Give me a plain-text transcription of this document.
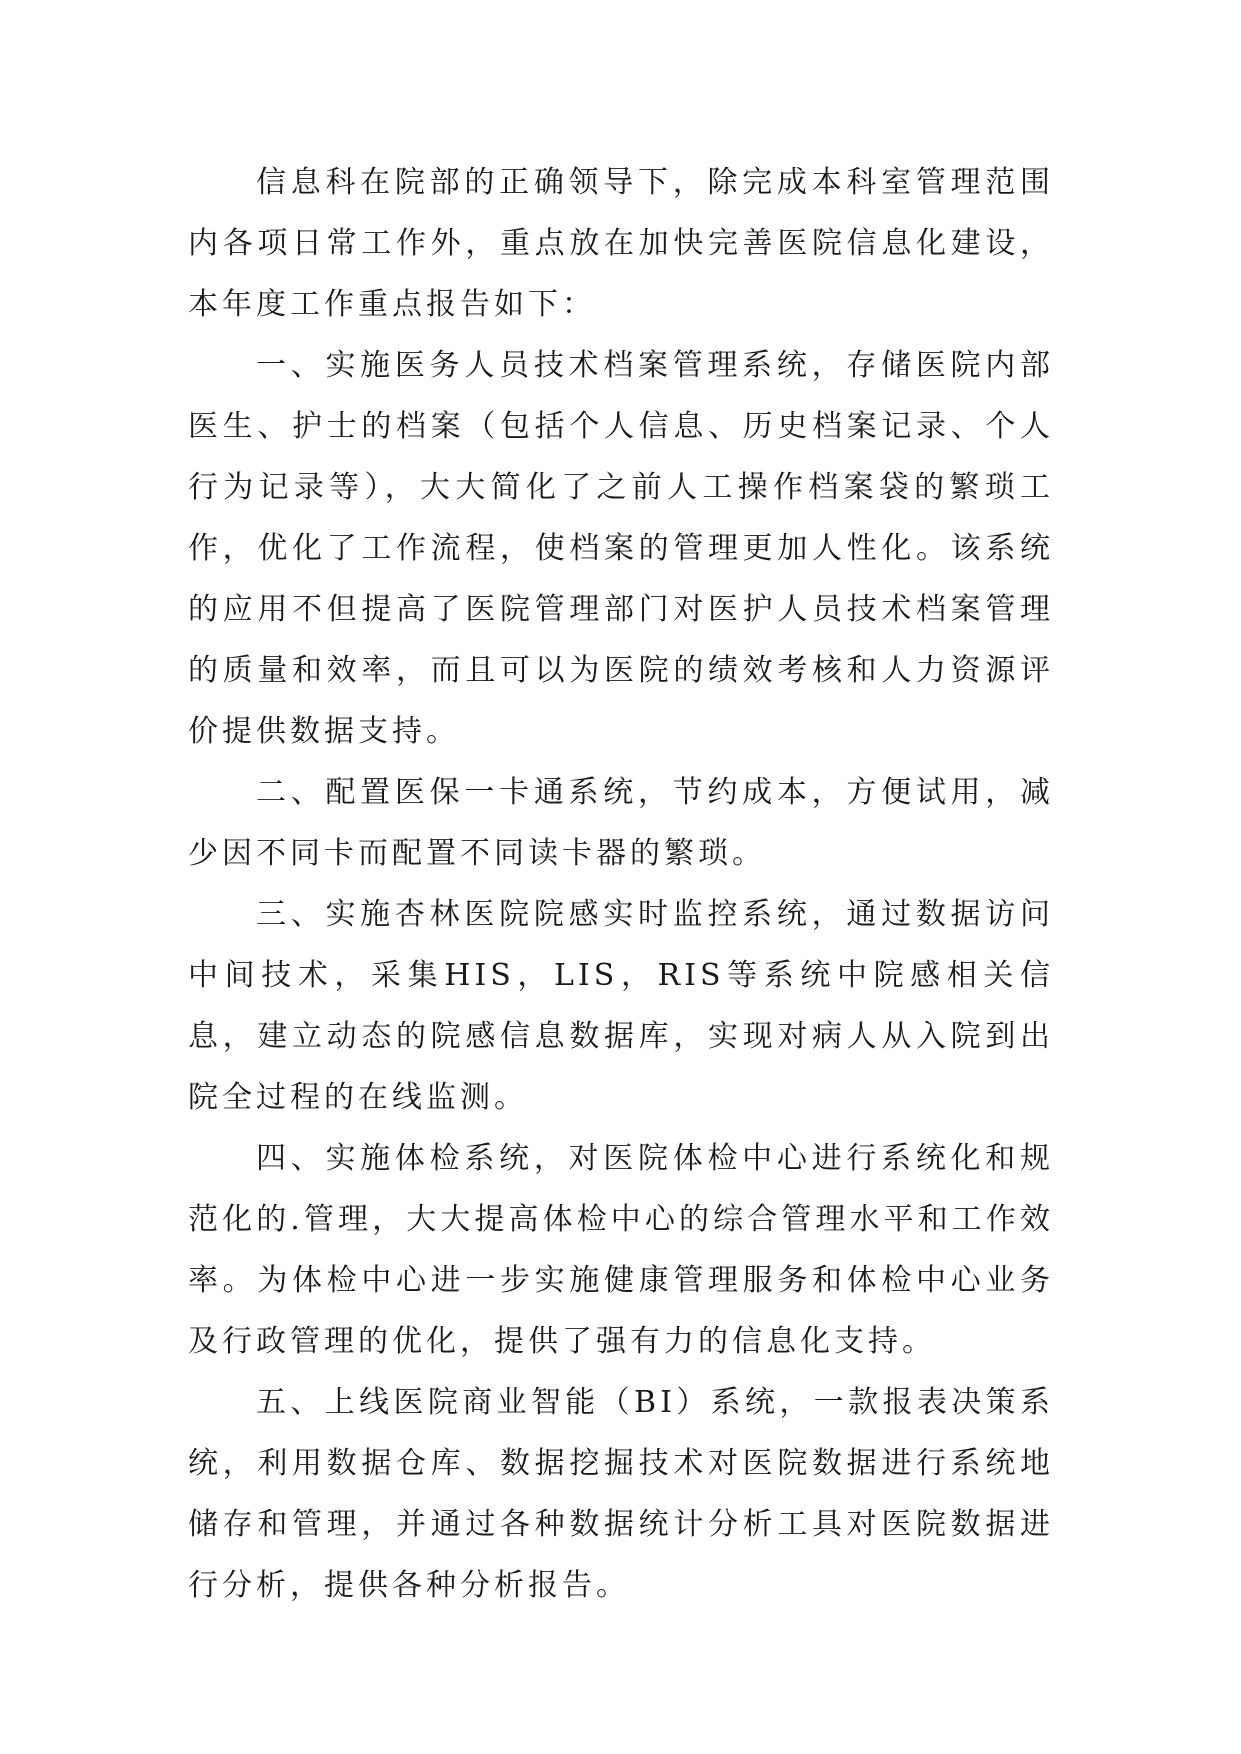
信息科在院部的正确领导下，除完成本科室管理范围内各项日常工作外，重点放在加快完善医院信息化建设，本年度工作重点报告如下：

一、实施医务人员技术档案管理系统，存储医院内部医生、护士的档案（包括个人信息、历史档案记录、个人行为记录等），大大简化了之前人工操作档案袋的繁琐工作，优化了工作流程，使档案的管理更加人性化。该系统的应用不但提高了医院管理部门对医护人员技术档案管理的质量和效率，而且可以为医院的绩效考核和人力资源评价提供数据支持。

二、配置医保一卡通系统，节约成本，方便试用，减少因不同卡而配置不同读卡器的繁琐。

三、实施杏林医院院感实时监控系统，通过数据访问中间技术，采集HIS，LIS，RIS等系统中院感相关信息，建立动态的院感信息数据库，实现对病人从入院到出院全过程的在线监测。

四、实施体检系统，对医院体检中心进行系统化和规范化的.管理，大大提高体检中心的综合管理水平和工作效率。为体检中心进一步实施健康管理服务和体检中心业务及行政管理的优化，提供了强有力的信息化支持。

五、上线医院商业智能（BI）系统，一款报表决策系统，利用数据仓库、数据挖掘技术对医院数据进行系统地储存和管理，并通过各种数据统计分析工具对医院数据进行分析，提供各种分析报告。
